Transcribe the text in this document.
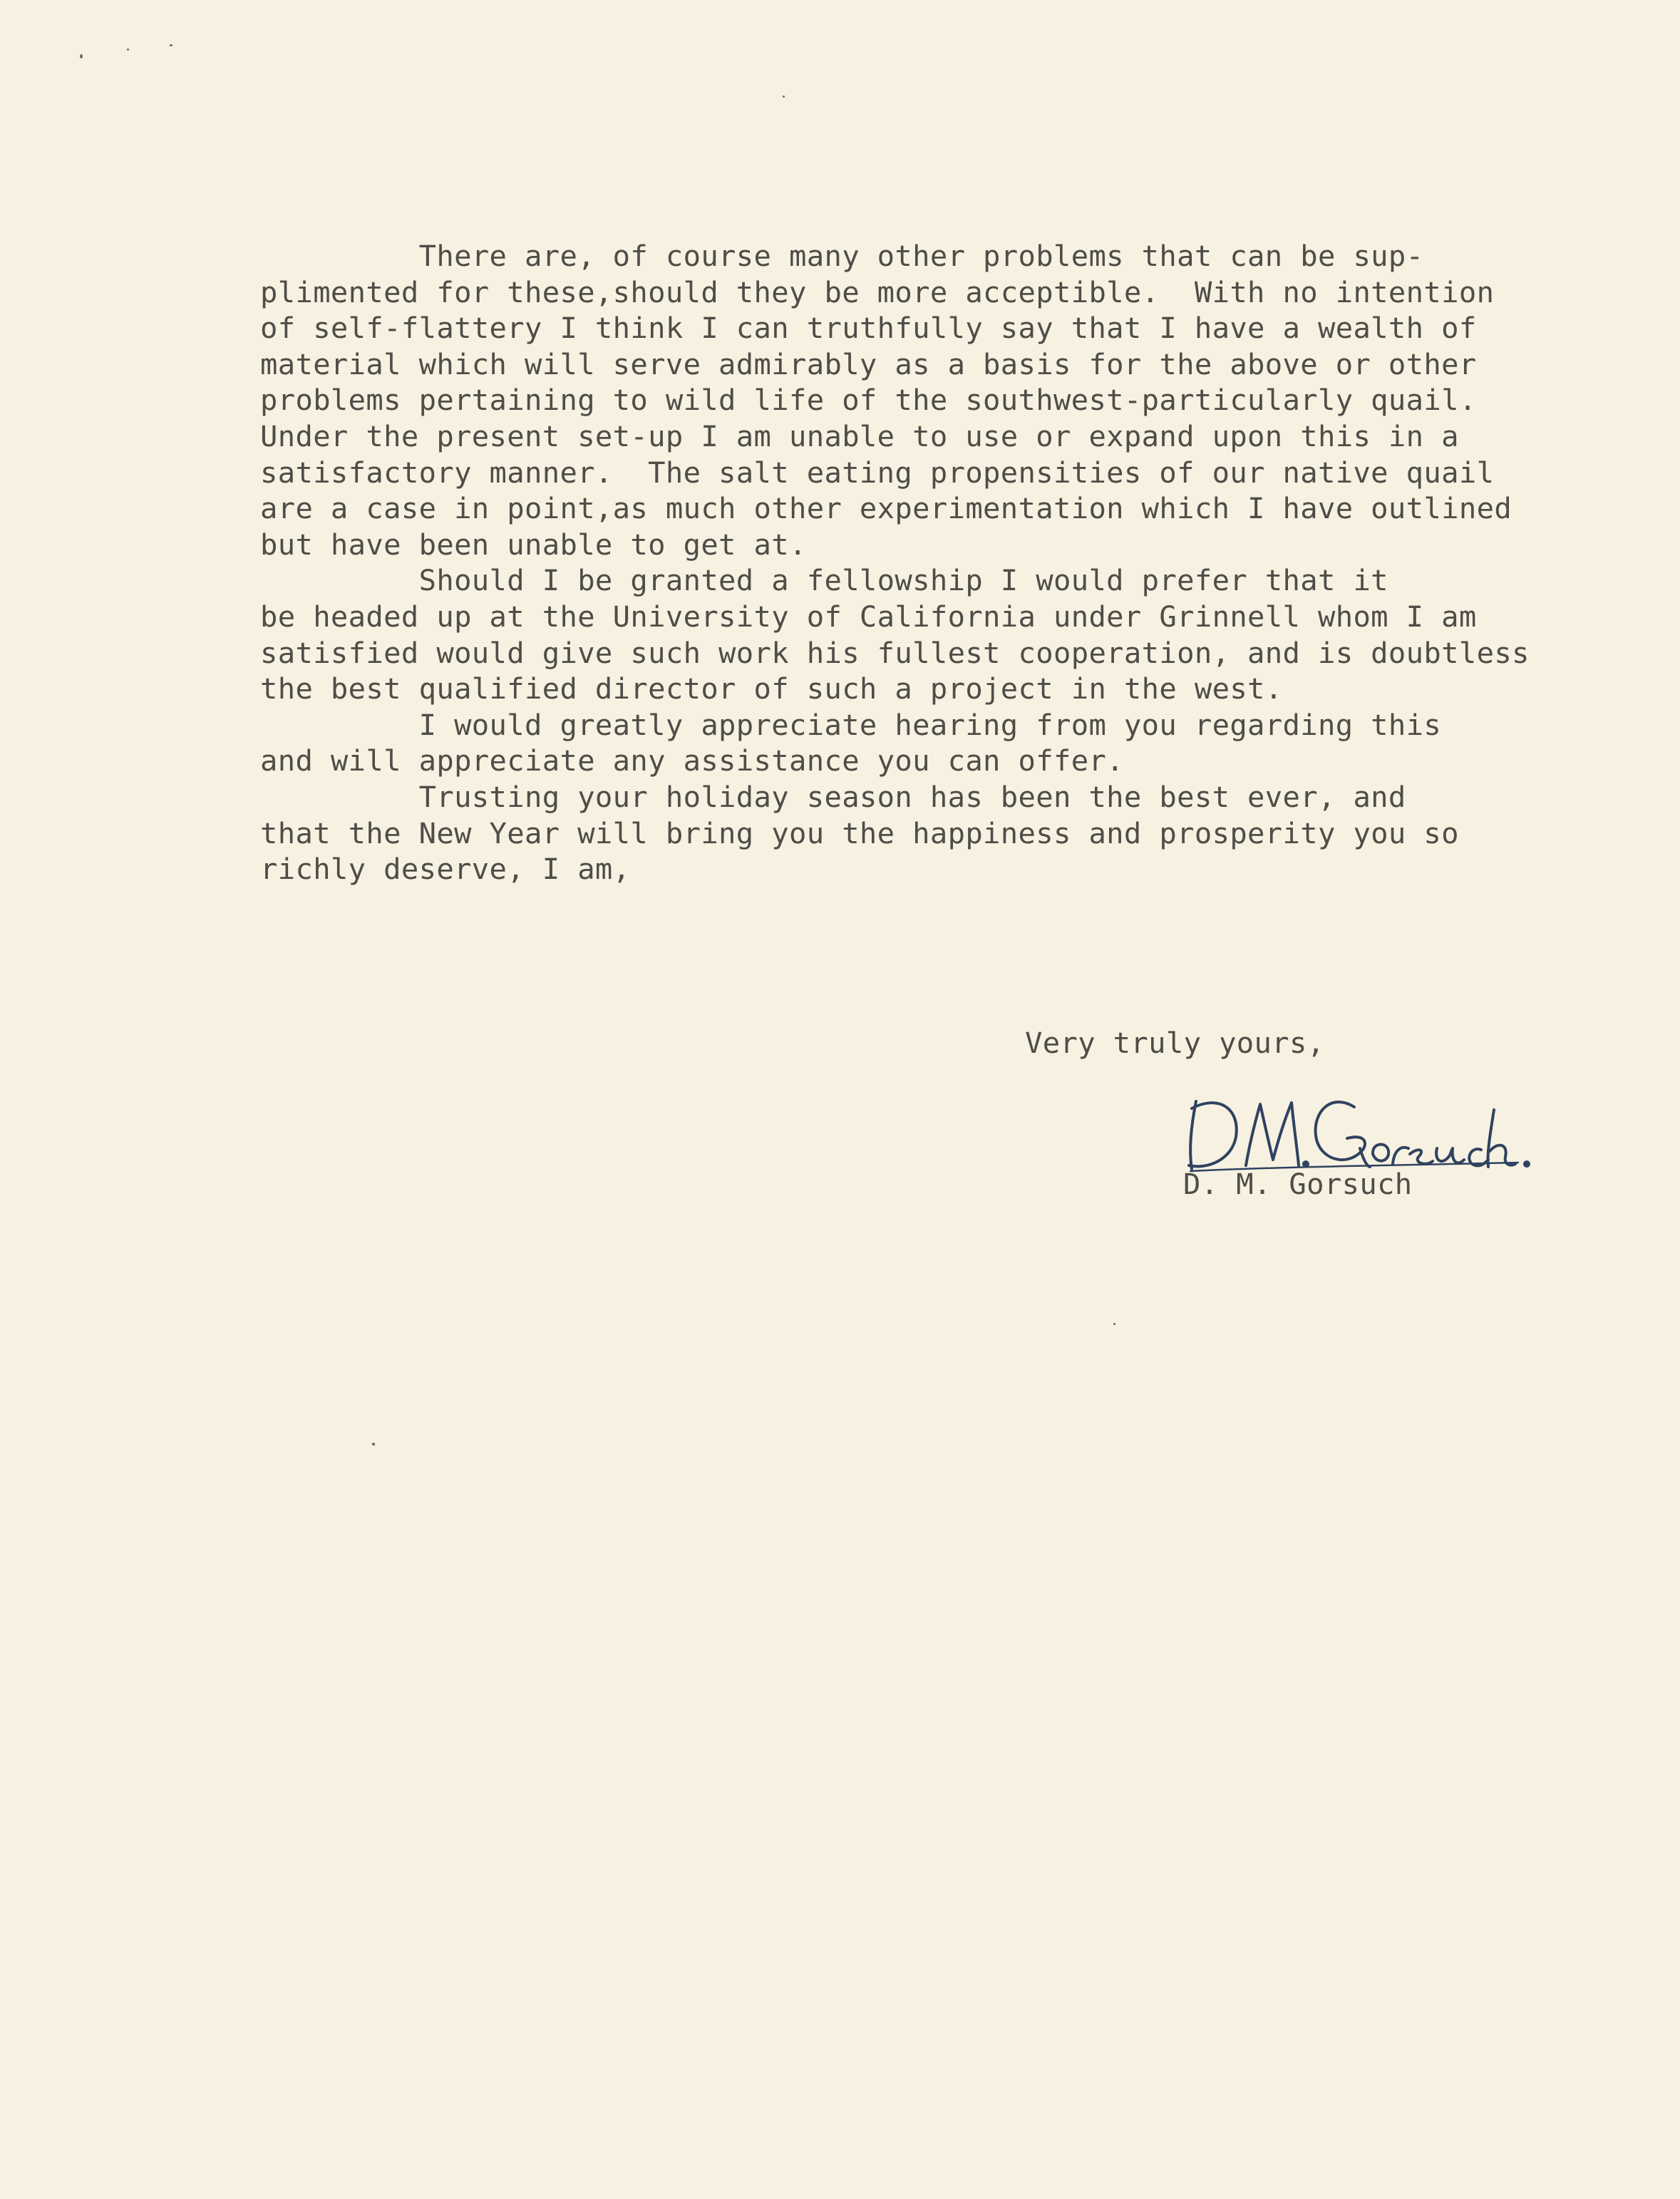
There are, of course many other problems that can be sup-
plimented for these,should they be more acceptible.  With no intention
of self-flattery I think I can truthfully say that I have a wealth of
material which will serve admirably as a basis for the above or other
problems pertaining to wild life of the southwest-particularly quail.
Under the present set-up I am unable to use or expand upon this in a
satisfactory manner.  The salt eating propensities of our native quail
are a case in point,as much other experimentation which I have outlined
but have been unable to get at.
Should I be granted a fellowship I would prefer that it
be headed up at the University of California under Grinnell whom I am
satisfied would give such work his fullest cooperation, and is doubtless
the best qualified director of such a project in the west.
I would greatly appreciate hearing from you regarding this
and will appreciate any assistance you can offer.
Trusting your holiday season has been the best ever, and
that the New Year will bring you the happiness and prosperity you so
richly deserve, I am,
Very truly yours,
D. M. Gorsuch
